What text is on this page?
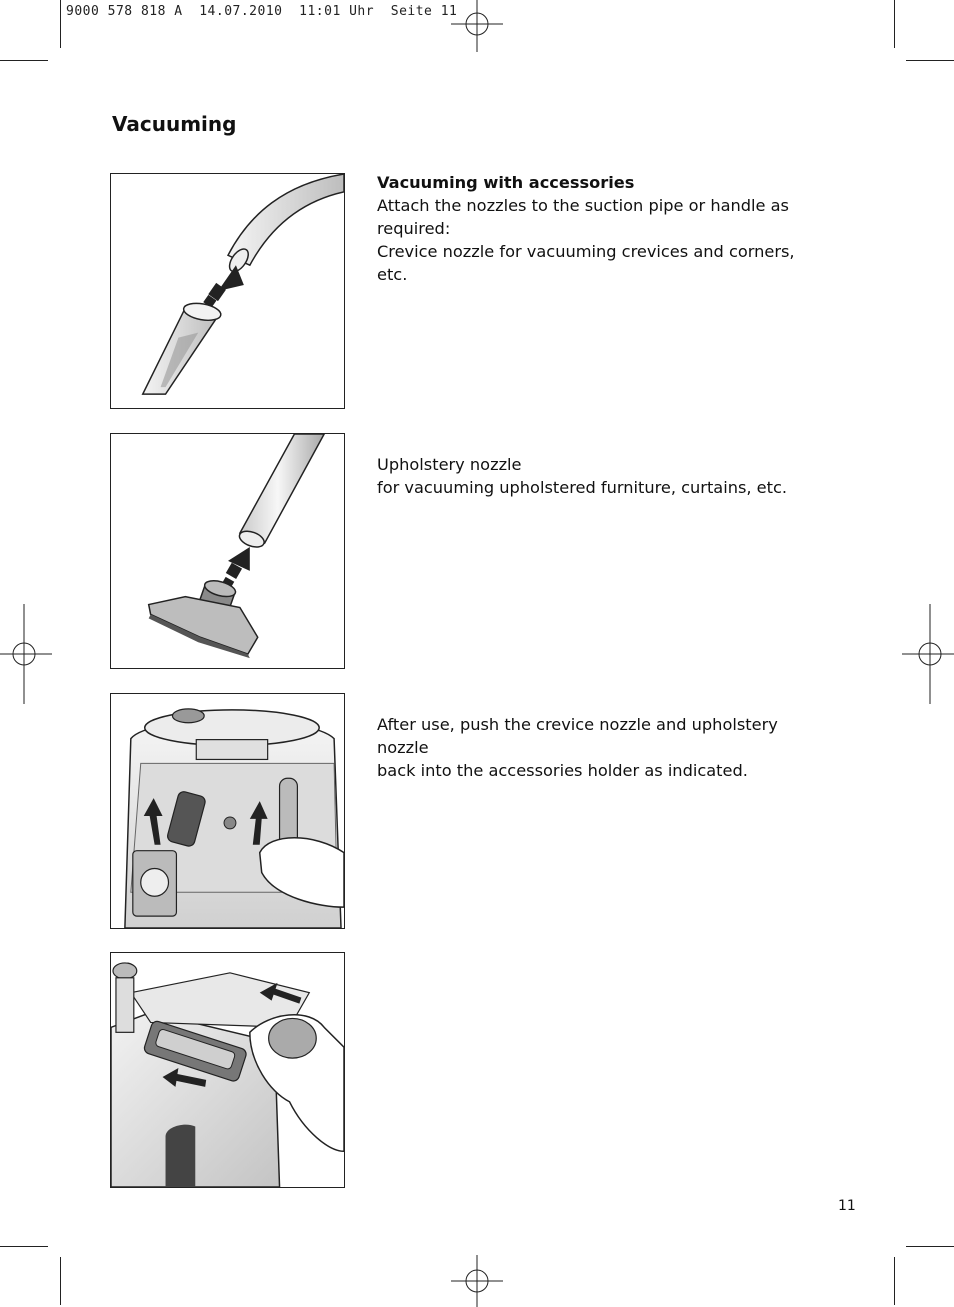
9000 578 818 A  14.07.2010  11:01 Uhr  Seite 11
Vacuuming
Vacuuming with accessories
Attach the nozzles to the suction pipe or handle as
required:
Crevice nozzle for vacuuming crevices and corners, etc.
Upholstery nozzle
for vacuuming upholstered furniture, curtains, etc.
After use, push the crevice nozzle and upholstery nozzle
back into the accessories holder as indicated.
11
